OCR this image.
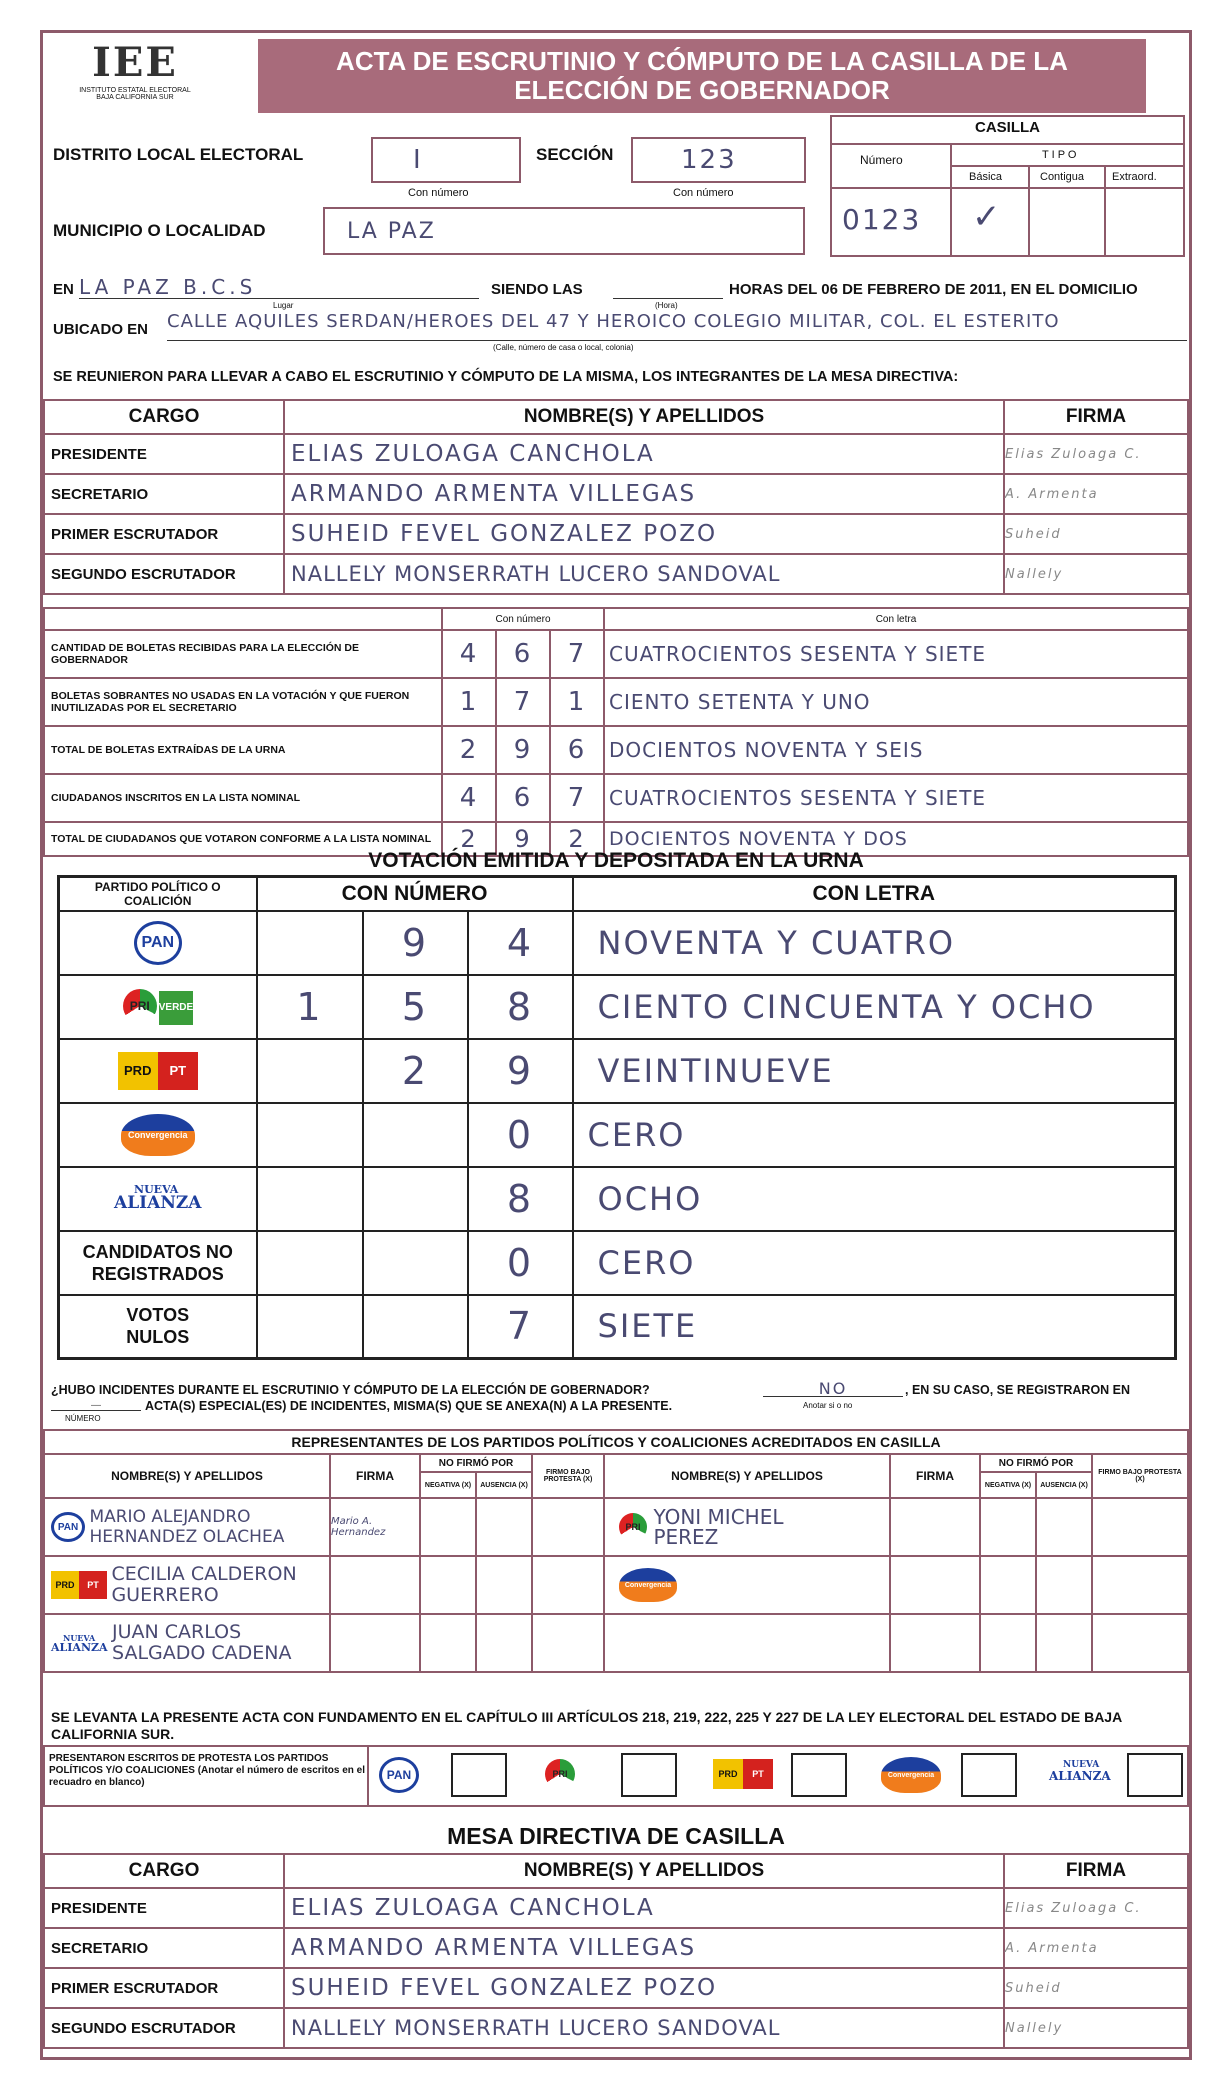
IEE
INSTITUTO ESTATAL ELECTORAL
BAJA CALIFORNIA SUR
ACTA DE ESCRUTINIO Y CÓMPUTO DE LA CASILLA DE LA
ELECCIÓN DE GOBERNADOR
DISTRITO LOCAL ELECTORAL	I
Con número
SECCIÓN	123
Con número
MUNICIPIO O LOCALIDAD	LA PAZ
CASILLA
Número	T I P O
Básica	Contigua	Extraord.
0123 ✓
EN LA PAZ B.C.S
Lugar
SIENDO LAS
(Hora)
HORAS DEL 06 DE FEBRERO DE 2011, EN EL DOMICILIO
UBICADO EN CALLE AQUILES SERDAN/HEROES DEL 47 Y HEROICO COLEGIO MILITAR, COL. EL ESTERITO
(Calle, número de casa o local, colonia)
SE REUNIERON PARA LLEVAR A CABO EL ESCRUTINIO Y CÓMPUTO DE LA MISMA, LOS INTEGRANTES DE LA MESA DIRECTIVA:
CARGO	NOMBRE(S) Y APELLIDOS	FIRMA
PRESIDENTE	ELIAS ZULOAGA CANCHOLA	Elias Zuloaga C.
SECRETARIO	ARMANDO ARMENTA VILLEGAS	A. Armenta
PRIMER ESCRUTADOR	SUHEID FEVEL GONZALEZ POZO	Suheid
SEGUNDO ESCRUTADOR	NALLELY MONSERRATH LUCERO SANDOVAL	Nallely
	Con número			Con letra
CANTIDAD DE BOLETAS RECIBIDAS PARA LA ELECCIÓN DE GOBERNADOR	4	6	7	CUATROCIENTOS SESENTA Y SIETE
BOLETAS SOBRANTES NO USADAS EN LA VOTACIÓN Y QUE FUERON INUTILIZADAS POR EL SECRETARIO	1	7	1	CIENTO SETENTA Y UNO
TOTAL DE BOLETAS EXTRAÍDAS DE LA URNA	2	9	6	DOCIENTOS NOVENTA Y SEIS
CIUDADANOS INSCRITOS EN LA LISTA NOMINAL	4	6	7	CUATROCIENTOS SESENTA Y SIETE
TOTAL DE CIUDADANOS QUE VOTARON CONFORME A LA LISTA NOMINAL	2	9	2	DOCIENTOS NOVENTA Y DOS
VOTACIÓN EMITIDA Y DEPOSITADA EN LA URNA
PARTIDO POLÍTICO O COALICIÓN	CON NÚMERO			CON LETRA
PAN		9	4	NOVENTA Y CUATRO
PRI VERDE	1	5	8	CIENTO CINCUENTA Y OCHO
PRD PT		2	9	VEINTINUEVE
Convergencia			0	CERO

NUEVA
ALIANZA			8	OCHO
CANDIDATOS NO REGISTRADOS			0	CERO
VOTOS NULOS			7	SIETE
¿HUBO INCIDENTES DURANTE EL ESCRUTINIO Y CÓMPUTO DE LA ELECCIÓN DE GOBERNADOR?	NO
Anotar si o no
, EN SU CASO, SE REGISTRARON EN
—	ACTA(S) ESPECIAL(ES) DE INCIDENTES, MISMA(S) QUE SE ANEXA(N) A LA PRESENTE.
NÚMERO
REPRESENTANTES DE LOS PARTIDOS POLÍTICOS Y COALICIONES ACREDITADOS EN CASILLA									
NOMBRE(S) Y APELLIDOS	FIRMA	NO FIRMÓ POR		FIRMO BAJO PROTESTA (X)	NOMBRE(S) Y APELLIDOS	FIRMA	NO FIRMÓ POR		FIRMO BAJO PROTESTA (X)
		NEGATIVA (X)	AUSENCIA (X)				NEGATIVA (X)	AUSENCIA (X)	
PAN MARIO ALEJANDRO HERNANDEZ OLACHEA	Mario A. Hernandez				PRI YONI MICHEL PEREZ				
PRD PT CECILIA CALDERON GUERRERO					Convergencia				

NUEVA
ALIANZA
JUAN CARLOS SALGADO CADENA									
SE LEVANTA LA PRESENTE ACTA CON FUNDAMENTO EN EL CAPÍTULO III ARTÍCULOS 218, 219, 222, 225 Y 227 DE LA LEY ELECTORAL DEL ESTADO DE BAJA CALIFORNIA SUR.
PRESENTARON ESCRITOS DE PROTESTA LOS PARTIDOS POLÍTICOS Y/O COALICIONES (Anotar el número de escritos en el recuadro en blanco)
PAN	PRI	PRD PT	Convergencia
NUEVA
ALIANZA
MESA DIRECTIVA DE CASILLA
CARGO	NOMBRE(S) Y APELLIDOS	FIRMA
PRESIDENTE	ELIAS ZULOAGA CANCHOLA	Elias Zuloaga C.
SECRETARIO	ARMANDO ARMENTA VILLEGAS	A. Armenta
PRIMER ESCRUTADOR	SUHEID FEVEL GONZALEZ POZO	Suheid
SEGUNDO ESCRUTADOR	NALLELY MONSERRATH LUCERO SANDOVAL	Nallely
